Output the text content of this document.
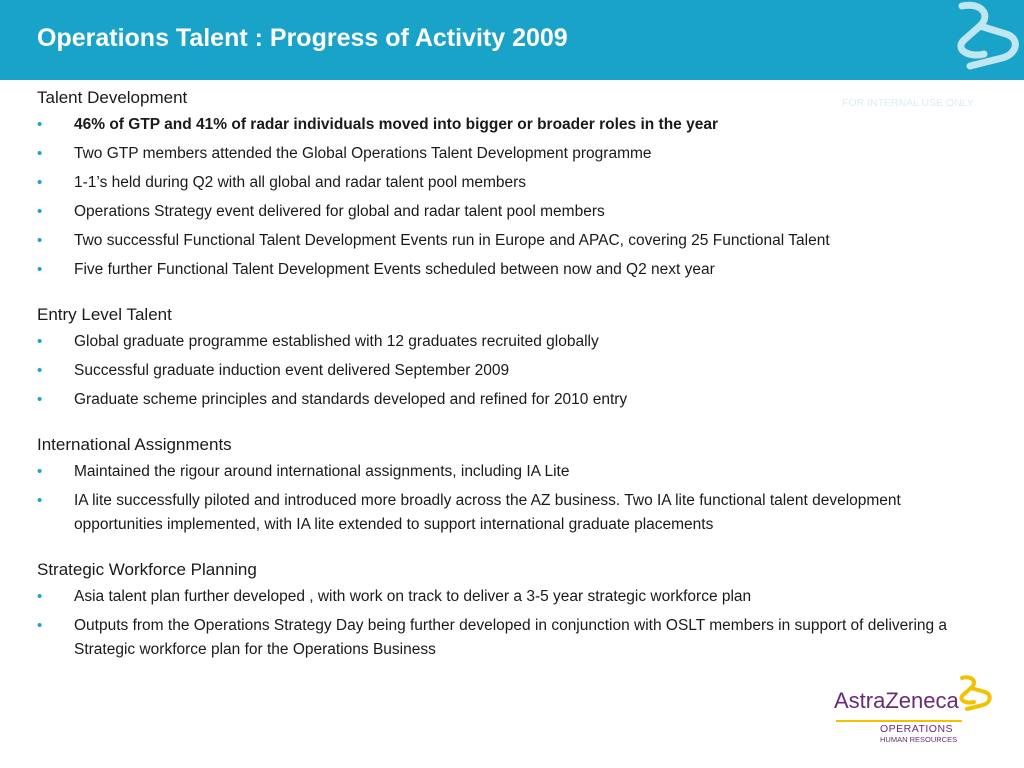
Operations Talent : Progress of Activity 2009
FOR INTERNAL USE ONLY
Talent Development
• 46% of GTP and 41% of radar individuals moved into bigger or broader roles in the year
• Two GTP members attended the Global Operations Talent Development programme
• 1-1’s held during Q2 with all global and radar talent pool members
• Operations Strategy event delivered for global and radar talent pool members
• Two successful Functional Talent Development Events run in Europe and APAC, covering 25 Functional Talent
• Five further Functional Talent Development Events scheduled between now and Q2 next year
Entry Level Talent
• Global graduate programme established with 12 graduates recruited globally
• Successful graduate induction event delivered September 2009
• Graduate scheme principles and standards developed and refined for 2010 entry
International Assignments
• Maintained the rigour around international assignments, including IA Lite
• IA lite successfully piloted and introduced more broadly across the AZ business. Two IA lite functional talent development opportunities implemented, with IA lite extended to support international graduate placements
Strategic Workforce Planning
• Asia talent plan further developed , with work on track to deliver a 3-5 year strategic workforce plan
• Outputs from the Operations Strategy Day being further developed in conjunction with OSLT members in support of delivering a Strategic workforce plan for the Operations Business
AstraZeneca
OPERATIONS
HUMAN RESOURCES
